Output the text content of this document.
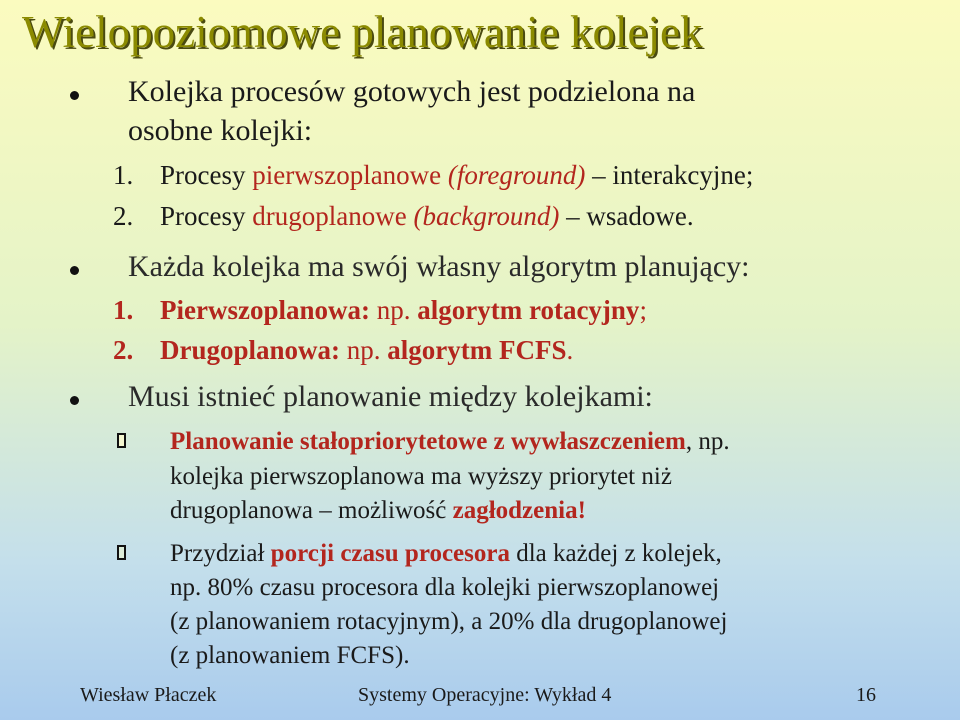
Wielopoziomowe planowanie kolejek
Kolejka procesów gotowych jest podzielona na
osobne kolejki:
1. Procesy pierwszoplanowe (foreground) – interakcyjne;
2. Procesy drugoplanowe (background) – wsadowe.
Każda kolejka ma swój własny algorytm planujący:
1. Pierwszoplanowa: np. algorytm rotacyjny;
2. Drugoplanowa: np. algorytm FCFS.
Musi istnieć planowanie między kolejkami:
Planowanie stałopriorytetowe z wywłaszczeniem, np.
kolejka pierwszoplanowa ma wyższy priorytet niż
drugoplanowa – możliwość zagłodzenia!
Przydział porcji czasu procesora dla każdej z kolejek,
np. 80% czasu procesora dla kolejki pierwszoplanowej
(z planowaniem rotacyjnym), a 20% dla drugoplanowej
(z planowaniem FCFS).
Wiesław Płaczek	Systemy Operacyjne: Wykład 4	16
